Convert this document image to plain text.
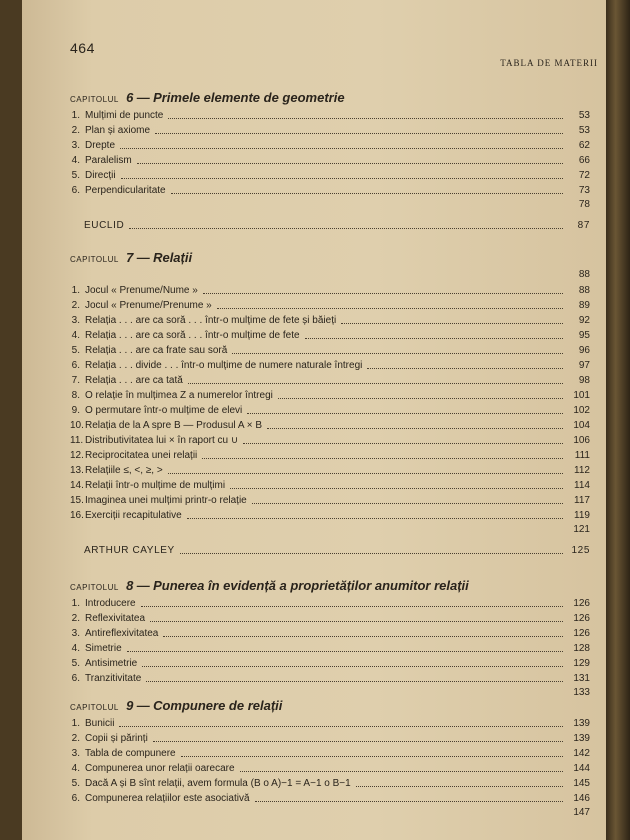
464
TABLA DE MATERII
CAPITOLUL 6 — Primele elemente de geometrie
1. Mulțimi de puncte	53
2. Plan și axiome	53
3. Drepte	62
4. Paralelism	66
5. Direcții	72
6. Perpendicularitate	73
78
EUCLID	87
CAPITOLUL 7 — Relații
88
1. Jocul « Prenume/Nume »	88
2. Jocul « Prenume/Prenume »	89
3. Relația . . . are ca soră . . . într-o mulțime de fete și băieți	92
4. Relația . . . are ca soră . . . într-o mulțime de fete	95
5. Relația . . . are ca frate sau soră	96
6. Relația . . . divide . . . într-o mulțime de numere naturale întregi	97
7. Relația . . . are ca tată	98
8. O relație în mulțimea Z a numerelor întregi	101
9. O permutare într-o mulțime de elevi	102
10. Relația de la A spre B — Produsul A × B	104
11. Distributivitatea lui × în raport cu ∪	106
12. Reciprocitatea unei relații	111
13. Relațiile ≤, <, ≥, >	112
14. Relații într-o mulțime de mulțimi	114
15. Imaginea unei mulțimi printr-o relație	117
16. Exerciții recapitulative	119
121
ARTHUR CAYLEY	125
CAPITOLUL 8 — Punerea în evidență a proprietăților anumitor relații
1. Introducere	126
2. Reflexivitatea	126
3. Antireflexivitatea	126
4. Simetrie	128
5. Antisimetrie	129
6. Tranzitivitate	131
133
CAPITOLUL 9 — Compunere de relații
1. Bunicii	139
2. Copii și părinți	139
3. Tabla de compunere	142
4. Compunerea unor relații oarecare	144
5. Dacă A și B sînt relații, avem formula (B o A)−1 = A−1 o B−1	145
6. Compunerea relațiilor este asociativă	146
147
